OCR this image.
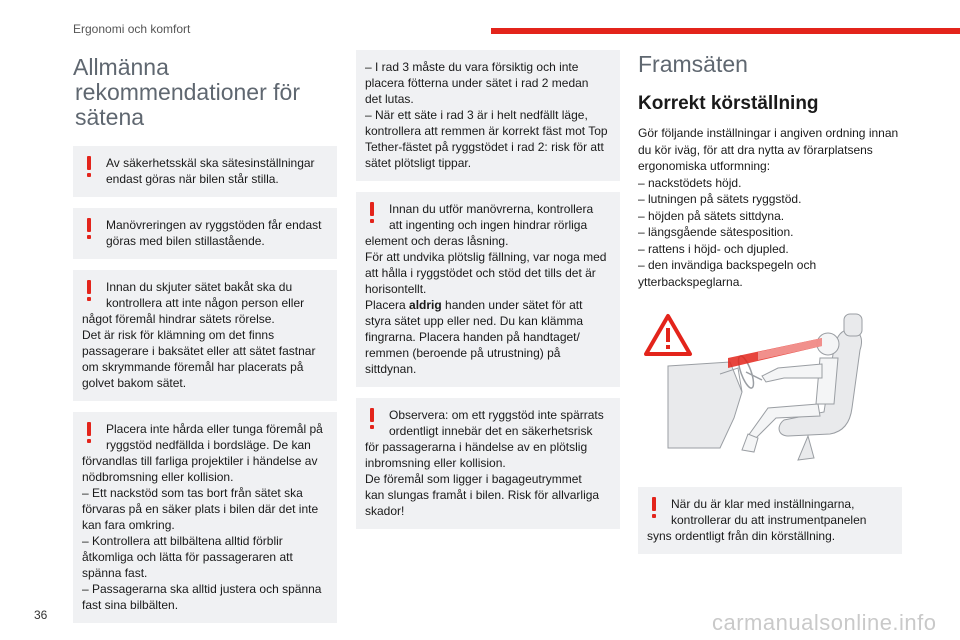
Ergonomi och komfort
Allmänna
rekommendationer för
sätena
Av säkerhetsskäl ska sätesinställningar
endast göras när bilen står stilla.
Manövreringen av ryggstöden får endast
göras med bilen stillastående.
Innan du skjuter sätet bakåt ska du
kontrollera att inte någon person eller
något föremål hindrar sätets rörelse.
Det är risk för klämning om det finns
passagerare i baksätet eller att sätet fastnar
om skrymmande föremål har placerats på
golvet bakom sätet.
Placera inte hårda eller tunga föremål på
ryggstöd nedfällda i bordsläge. De kan
förvandlas till farliga projektiler i händelse av
nödbromsning eller kollision.
– Ett nackstöd som tas bort från sätet ska
förvaras på en säker plats i bilen där det inte
kan fara omkring.
– Kontrollera att bilbältena alltid förblir
åtkomliga och lätta för passageraren att
spänna fast.
– Passagerarna ska alltid justera och spänna
fast sina bilbälten.
– I rad 3 måste du vara försiktig och inte
placera fötterna under sätet i rad 2 medan
det lutas.
– När ett säte i rad 3 är i helt nedfällt läge,
kontrollera att remmen är korrekt fäst mot Top
Tether-fästet på ryggstödet i rad 2: risk för att
sätet plötsligt tippar.
Innan du utför manövrerna, kontrollera
att ingenting och ingen hindrar rörliga
element och deras låsning.
För att undvika plötslig fällning, var noga med
att hålla i ryggstödet och stöd det tills det är
horisontellt.
Placera aldrig handen under sätet för att
styra sätet upp eller ned. Du kan klämma
fingrarna. Placera handen på handtaget/
remmen (beroende på utrustning) på
sittdynan.
Observera: om ett ryggstöd inte spärrats
ordentligt innebär det en säkerhetsrisk
för passagerarna i händelse av en plötslig
inbromsning eller kollision.
De föremål som ligger i bagageutrymmet
kan slungas framåt i bilen. Risk för allvarliga
skador!
Framsäten
Korrekt körställning
Gör följande inställningar i angiven ordning innan
du kör iväg, för att dra nytta av förarplatsens
ergonomiska utformning:
– nackstödets höjd.
– lutningen på sätets ryggstöd.
– höjden på sätets sittdyna.
– längsgående sätesposition.
– rattens i höjd- och djupled.
– den invändiga backspegeln och
ytterbackspeglarna.
När du är klar med inställningarna,
kontrollerar du att instrumentpanelen
syns ordentligt från din körställning.
36	carmanualsonline.info
